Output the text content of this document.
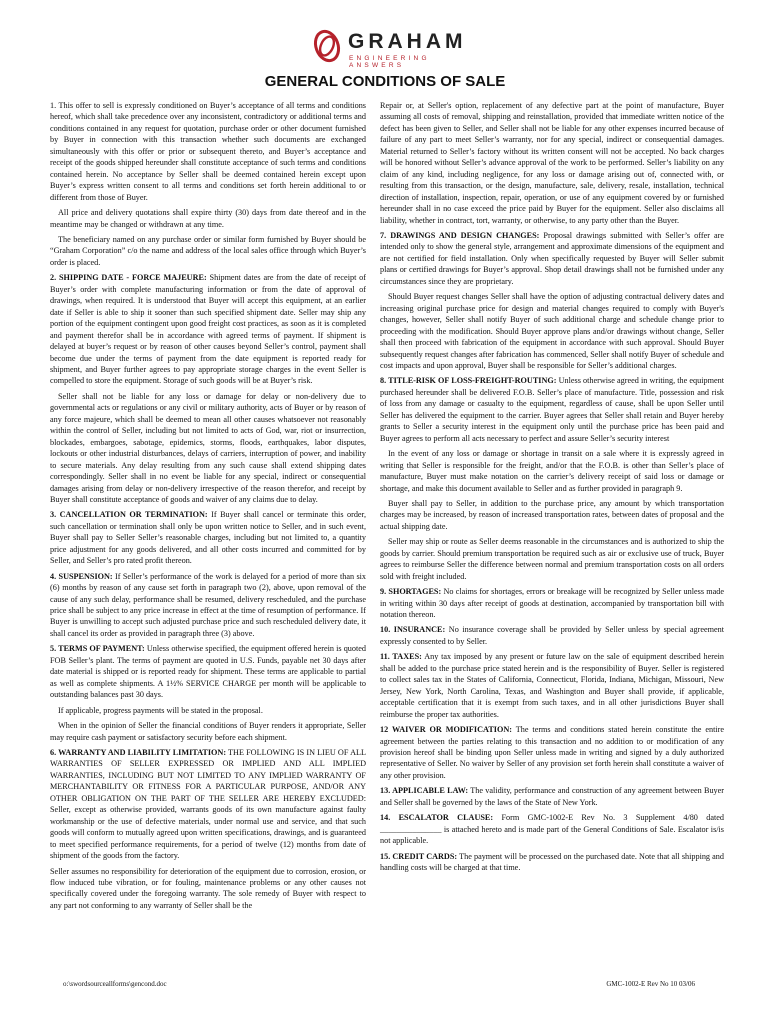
GRAHAM
ENGINEERING ANSWERS
GENERAL CONDITIONS OF SALE

1. This offer to sell is expressly conditioned on Buyer’s acceptance of all terms and conditions hereof, which shall take precedence over any inconsistent, contradictory or additional terms and conditions contained in any request for quotation, purchase order or other document furnished by Buyer in connection with this transaction whether such documents are exchanged simultaneously with this offer or prior or subsequent thereto, and Buyer’s acceptance and receipt of the goods shipped hereunder shall constitute acceptance of such terms and conditions contained herein. No acceptance by Seller shall be deemed contained herein except upon Buyer’s express written consent to all terms and conditions set forth herein additional to or different from those of Buyer.

All price and delivery quotations shall expire thirty (30) days from date thereof and in the meantime may be changed or withdrawn at any time.

The beneficiary named on any purchase order or similar form furnished by Buyer should be “Graham Corporation” c/o the name and address of the local sales office through which Buyer’s order is placed.

2. SHIPPING DATE - FORCE MAJEURE: Shipment dates are from the date of receipt of Buyer’s order with complete manufacturing information or from the date of approval of drawings, when required. It is understood that Buyer will accept this equipment, at an earlier date if Seller is able to ship it sooner than such specified shipment date. Seller may ship any portion of the equipment contingent upon good freight cost practices, as soon as it is completed and payment therefor shall be in accordance with agreed terms of payment. If shipment is delayed at buyer’s request or by reason of other causes beyond Seller’s control, payment shall become due under the terms of payment from the date equipment is reported ready for shipment, and Buyer further agrees to pay appropriate storage charges in the event Seller is compelled to store the equipment. Storage of such goods will be at Buyer’s risk.

Seller shall not be liable for any loss or damage for delay or non-delivery due to governmental acts or regulations or any civil or military authority, acts of Buyer or by reason of any force majeure, which shall be deemed to mean all other causes whatsoever not reasonably within the control of Seller, including but not limited to acts of God, war, riot or insurrection, blockades, embargoes, sabotage, epidemics, storms, floods, earthquakes, labor disputes, lockouts or other industrial disturbances, delays of carriers, interruption of power, and inability to secure materials. Any delay resulting from any such cause shall extend shipping dates correspondingly. Seller shall in no event be liable for any special, indirect or consequential damages arising from delay or non-delivery irrespective of the reason therefor, and receipt by Buyer shall constitute acceptance of goods and waiver of any claims due to delay.

3. CANCELLATION OR TERMINATION: If Buyer shall cancel or terminate this order, such cancellation or termination shall only be upon written notice to Seller, and in such event, Buyer shall pay to Seller Seller’s reasonable charges, including but not limited to, a quantity price adjustment for any goods delivered, and all other costs incurred and committed for by Seller, and Seller’s pro rated profit thereon.

4. SUSPENSION: If Seller’s performance of the work is delayed for a period of more than six (6) months by reason of any cause set forth in paragraph two (2), above, upon removal of the cause of any such delay, performance shall be resumed, delivery rescheduled, and the purchase price shall be subject to any price increase in effect at the time of resumption of performance. If Buyer is unwilling to accept such adjusted purchase price and such rescheduled delivery date, it shall cancel its order as provided in paragraph three (3) above.

5. TERMS OF PAYMENT: Unless otherwise specified, the equipment offered herein is quoted FOB Seller’s plant. The terms of payment are quoted in U.S. Funds, payable net 30 days after date material is shipped or is reported ready for shipment. These terms are applicable to partial as well as complete shipments. A 1½% SERVICE CHARGE per month will be applicable to outstanding balances past 30 days.

If applicable, progress payments will be stated in the proposal.

When in the opinion of Seller the financial conditions of Buyer renders it appropriate, Seller may require cash payment or satisfactory security before each shipment.

6. WARRANTY AND LIABILITY LIMITATION: THE FOLLOWING IS IN LIEU OF ALL WARRANTIES OF SELLER EXPRESSED OR IMPLIED AND ALL IMPLIED WARRANTIES, INCLUDING BUT NOT LIMITED TO ANY IMPLIED WARRANTY OF MERCHANTABILITY OR FITNESS FOR A PARTICULAR PURPOSE, AND/OR ANY OTHER OBLIGATION ON THE PART OF THE SELLER ARE HEREBY EXCLUDED: Seller, except as otherwise provided, warrants goods of its own manufacture against faulty workmanship or the use of defective materials, under normal use and service, and that such goods will conform to mutually agreed upon written specifications, drawings, and is guaranteed to meet specified performance requirements, for a period of twelve (12) months from date of shipment of the goods from the factory.

Seller assumes no responsibility for deterioration of the equipment due to corrosion, erosion, or flow induced tube vibration, or for fouling, maintenance problems or any other causes not specifically covered under the foregoing warranty. The sole remedy of Buyer with respect to any part not conforming to any warranty of Seller shall be the

Repair or, at Seller's option, replacement of any defective part at the point of manufacture, Buyer assuming all costs of removal, shipping and reinstallation, provided that immediate written notice of the defect has been given to Seller, and Seller shall not be liable for any other expenses incurred because of failure of any part to meet Seller’s warranty, nor for any special, indirect or consequential damages. Material returned to Seller’s factory without its written consent will not be accepted. No back charges will be honored without Seller’s advance approval of the work to be performed. Seller’s liability on any claim of any kind, including negligence, for any loss or damage arising out of, connected with, or resulting from this transaction, or the design, manufacture, sale, delivery, resale, installation, technical direction of installation, inspection, repair, operation, or use of any equipment covered by or furnished hereunder shall in no case exceed the price paid by Buyer for the equipment. Seller also disclaims all liability, whether in contract, tort, warranty, or otherwise, to any party other than the Buyer.

7. DRAWINGS AND DESIGN CHANGES: Proposal drawings submitted with Seller’s offer are intended only to show the general style, arrangement and approximate dimensions of the equipment and are not certified for field installation. Only when specifically requested by Buyer will Seller submit plans or certified drawings for Buyer’s approval. Shop detail drawings shall not be furnished under any circumstances since they are proprietary.

Should Buyer request changes Seller shall have the option of adjusting contractual delivery dates and increasing original purchase price for design and material changes required to comply with Buyer's changes, however, Seller shall notify Buyer of such additional charge and schedule change prior to proceeding with the modification. Should Buyer approve plans and/or drawings without change, Seller shall then proceed with fabrication of the equipment in accordance with such approval. Should Buyer subsequently request changes after fabrication has commenced, Seller shall notify Buyer of schedule and cost impacts and upon approval, Buyer shall be responsible for Seller’s additional charges.

8. TITLE-RISK OF LOSS-FREIGHT-ROUTING: Unless otherwise agreed in writing, the equipment purchased hereunder shall be delivered F.O.B. Seller’s place of manufacture. Title, possession and risk of loss from any damage or casualty to the equipment, regardless of cause, shall be upon Seller until Seller has delivered the equipment to the carrier. Buyer agrees that Seller shall retain and Buyer hereby grants to Seller a security interest in the equipment only until the purchase price has been paid and Buyer agrees to perform all acts necessary to perfect and assure Seller’s security interest

In the event of any loss or damage or shortage in transit on a sale where it is expressly agreed in writing that Seller is responsible for the freight, and/or that the F.O.B. is other than Seller’s place of manufacture, Buyer must make notation on the carrier’s delivery receipt of said loss or damage or shortage, and make this document available to Seller and as further provided in paragraph 9.

Buyer shall pay to Seller, in addition to the purchase price, any amount by which transportation charges may be increased, by reason of increased transportation rates, between dates of proposal and the actual shipping date.

Seller may ship or route as Seller deems reasonable in the circumstances and is authorized to ship the goods by carrier. Should premium transportation be required such as air or exclusive use of truck, Buyer agrees to reimburse Seller the difference between normal and premium transportation costs on all orders sold with freight included.

9. SHORTAGES: No claims for shortages, errors or breakage will be recognized by Seller unless made in writing within 30 days after receipt of goods at destination, accompanied by transportation bill with notation thereon.

10. INSURANCE: No insurance coverage shall be provided by Seller unless by special agreement expressly consented to by Seller.

11. TAXES: Any tax imposed by any present or future law on the sale of equipment described herein shall be added to the purchase price stated herein and is the responsibility of Buyer. Seller is registered to collect sales tax in the States of California, Connecticut, Florida, Indiana, Michigan, Missouri, New Jersey, New York, North Carolina, Texas, and Washington and Buyer shall provide, if applicable, acceptable certification that it is exempt from such taxes, and in all other jurisdictions Buyer shall reimburse the proper tax authorities.

12 WAIVER OR MODIFICATION: The terms and conditions stated herein constitute the entire agreement between the parties relating to this transaction and no addition to or modification of any provision hereof shall be binding upon Seller unless made in writing and signed by a duly authorized representative of Seller. No waiver by Seller of any provision set forth herein shall constitute a waiver of any other provision.

13. APPLICABLE LAW: The validity, performance and construction of any agreement between Buyer and Seller shall be governed by the laws of the State of New York.

14. ESCALATOR CLAUSE: Form GMC-1002-E Rev No. 3 Supplement 4/80 dated _______________ is attached hereto and is made part of the General Conditions of Sale. Escalator is/is not applicable.

15. CREDIT CARDS: The payment will be processed on the purchased date. Note that all shipping and handling costs will be charged at that time.

o:\swordsourceallforms\gencond.doc	GMC-1002-E Rev No 10 03/06
